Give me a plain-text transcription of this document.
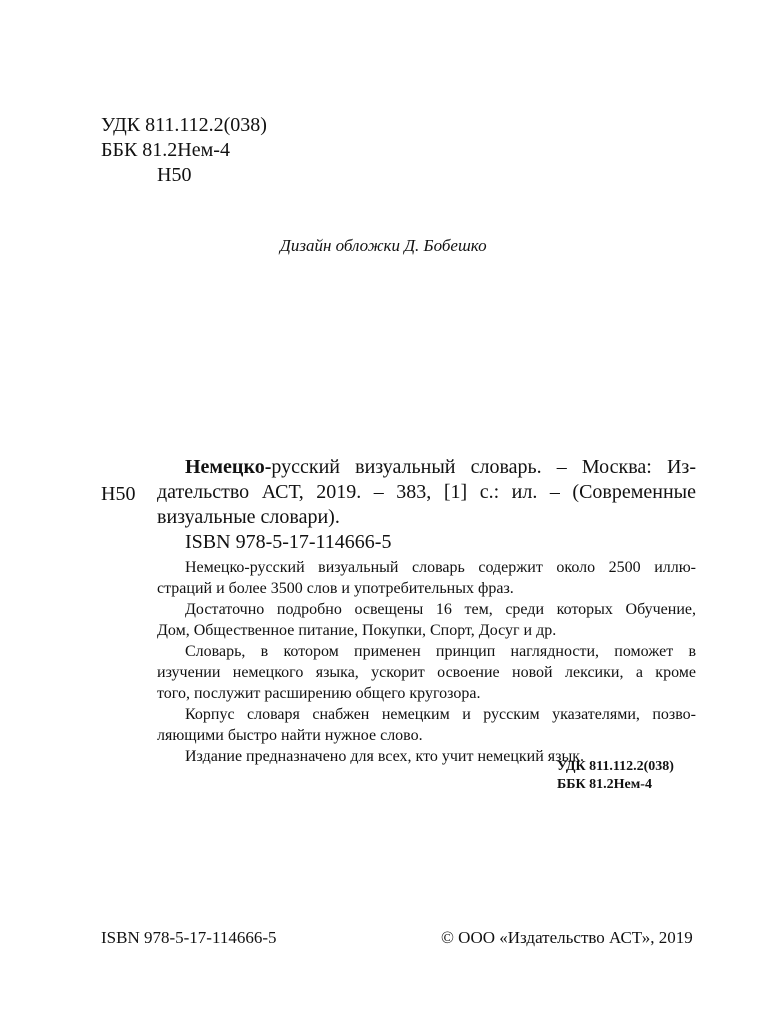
УДК 811.112.2(038)
ББК 81.2Нем-4
Н50
Дизайн обложки Д. Бобешко
Н50
Немецко-русский визуальный словарь. – Москва: Из-
дательство АСТ, 2019. – 383, [1] с.: ил. – (Современные
визуальные словари).
ISBN 978-5-17-114666-5
Немецко-русский визуальный словарь содержит около 2500 иллю-
страций и более 3500 слов и употребительных фраз.
Достаточно подробно освещены 16 тем, среди которых Обучение,
Дом, Общественное питание, Покупки, Спорт, Досуг и др.
Словарь, в котором применен принцип наглядности, поможет в
изучении немецкого языка, ускорит освоение новой лексики, а кроме
того, послужит расширению общего кругозора.
Корпус словаря снабжен немецким и русским указателями, позво-
ляющими быстро найти нужное слово.
Издание предназначено для всех, кто учит немецкий язык.
УДК 811.112.2(038)
ББК 81.2Нем-4
ISBN 978-5-17-114666-5	© ООО «Издательство АСТ», 2019
